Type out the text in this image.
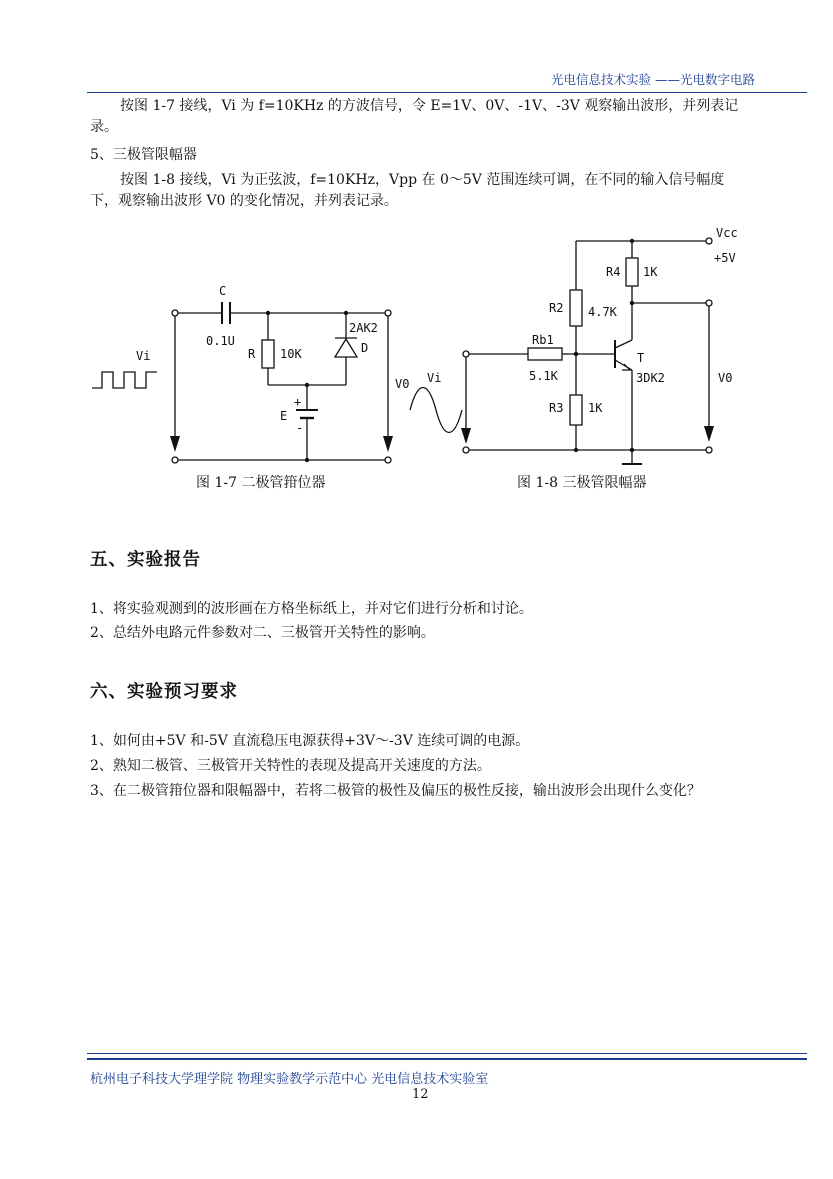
光电信息技术实验 ——光电数字电路
按图 1-7 接线，Vi 为 f=10KHz 的方波信号，令 E=1V、0V、-1V、-3V 观察输出波形，并列表记录。
5、三极管限幅器
按图 1-8 接线，Vi 为正弦波，f=10KHz，Vpp 在 0～5V 范围连续可调，在不同的输入信号幅度下，观察输出波形 V0 的变化情况，并列表记录。
C
0.1U
Vi	R 10K
2AK2
D
E
+
-
V0
Vcc
+5V
R4 1K
R2 4.7K
Rb1
5.1K
T
3DK2
R3 1K
Vi	V0
图 1-7 二极管箝位器	图 1-8 三极管限幅器
五、实验报告
1、将实验观测到的波形画在方格坐标纸上，并对它们进行分析和讨论。
2、总结外电路元件参数对二、三极管开关特性的影响。
六、实验预习要求
1、如何由+5V 和-5V 直流稳压电源获得+3V～-3V 连续可调的电源。
2、熟知二极管、三极管开关特性的表现及提高开关速度的方法。
3、在二极管箝位器和限幅器中，若将二极管的极性及偏压的极性反接，输出波形会出现什么变化？
杭州电子科技大学理学院 物理实验教学示范中心 光电信息技术实验室
12
